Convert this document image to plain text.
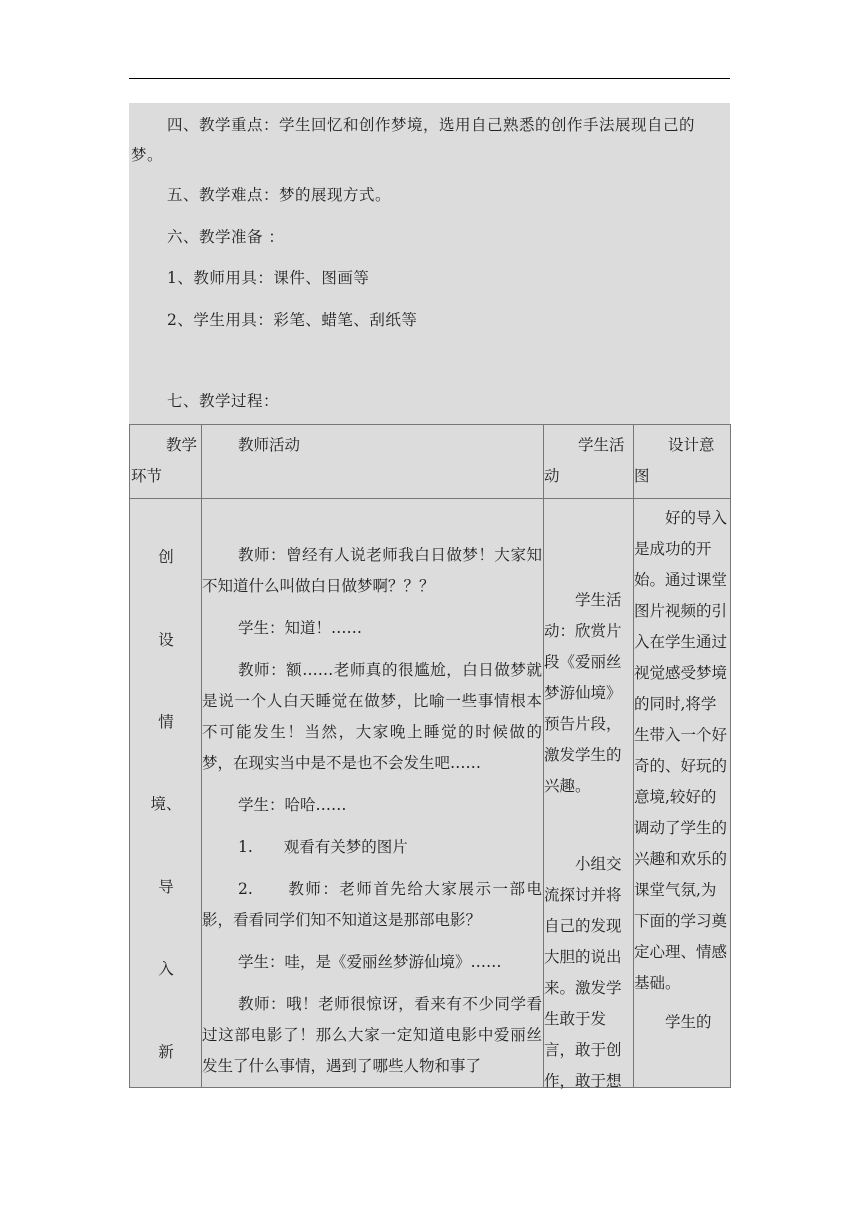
四、教学重点：学生回忆和创作梦境，选用自己熟悉的创作手法展现自己的
梦。
五、教学难点：梦的展现方式。
六、教学准备 ：
1、教师用具：课件、图画等
2、学生用具：彩笔、蜡笔、刮纸等
七、教学过程：
教学
环节
教师活动	学生活
动
设计意
图
创
设
情
境、
导
入
新

教师：曾经有人说老师我白日做梦！大家知不知道什么叫做白日做梦啊？？？

学生：知道！……

教师：额……老师真的很尴尬，白日做梦就是说一个人白天睡觉在做梦，比喻一些事情根本不可能发生！当然，大家晚上睡觉的时候做的梦，在现实当中是不是也不会发生吧……

学生：哈哈……

1.　　观看有关梦的图片

2.　　教师：老师首先给大家展示一部电影，看看同学们知不知道这是那部电影？

学生：哇，是《爱丽丝梦游仙境》……

教师：哦！老师很惊讶，看来有不少同学看过这部电影了！那么大家一定知道电影中爱丽丝发生了什么事情，遇到了哪些人物和事了

　　学生活动：欣赏片段《爱丽丝梦游仙境》预告片段，激发学生的兴趣。
　　小组交流探讨并将自己的发现大胆的说出来。激发学生敢于发言，敢于创作，敢于想
　　好的导入是成功的开始。通过课堂图片视频的引入在学生通过视觉感受梦境的同时,将学生带入一个好奇的、好玩的意境,较好的调动了学生的兴趣和欢乐的课堂气氛,为下面的学习奠定心理、情感基础。
　　学生的
